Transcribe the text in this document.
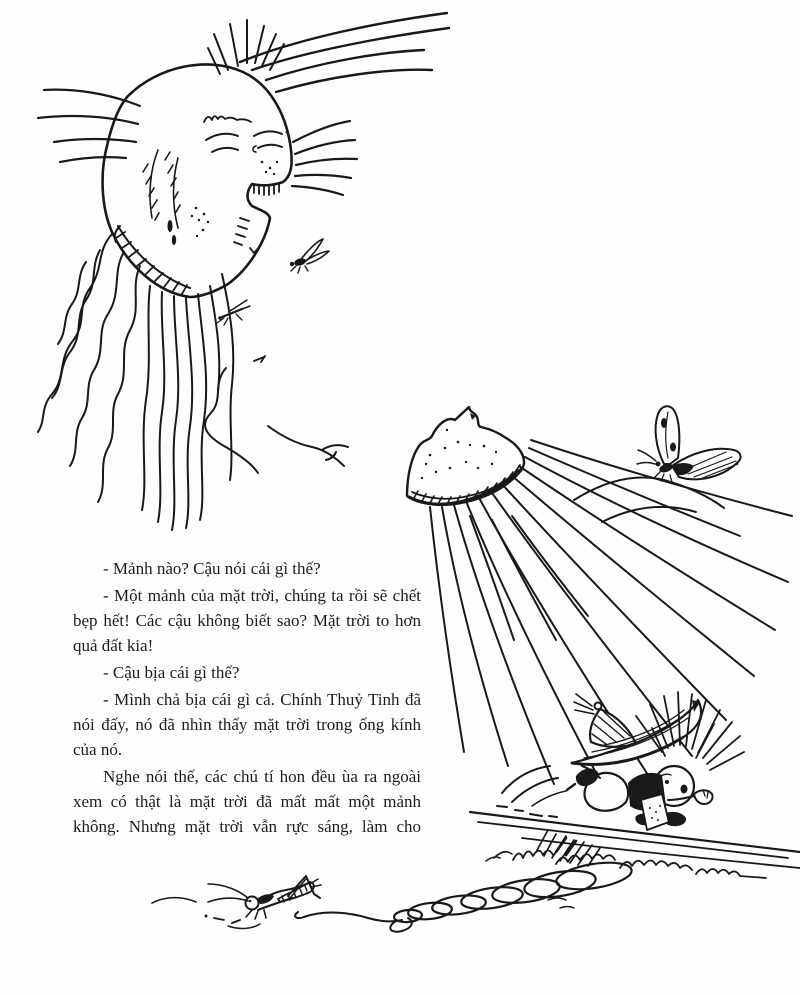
- Mảnh nào? Cậu nói cái gì thế?
- Một mảnh của mặt trời, chúng ta rồi sẽ chết
bẹp hết! Các cậu không biết sao? Mặt trời to hơn
quả đất kia!
- Cậu bịa cái gì thế?
- Mình chả bịa cái gì cả. Chính Thuỷ Tinh đã
nói đấy, nó đã nhìn thấy mặt trời trong ống kính
của nó.
Nghe nói thế, các chú tí hon đều ùa ra ngoài
xem có thật là mặt trời đã mất mất một mảnh
không. Nhưng mặt trời vẫn rực sáng, làm cho
